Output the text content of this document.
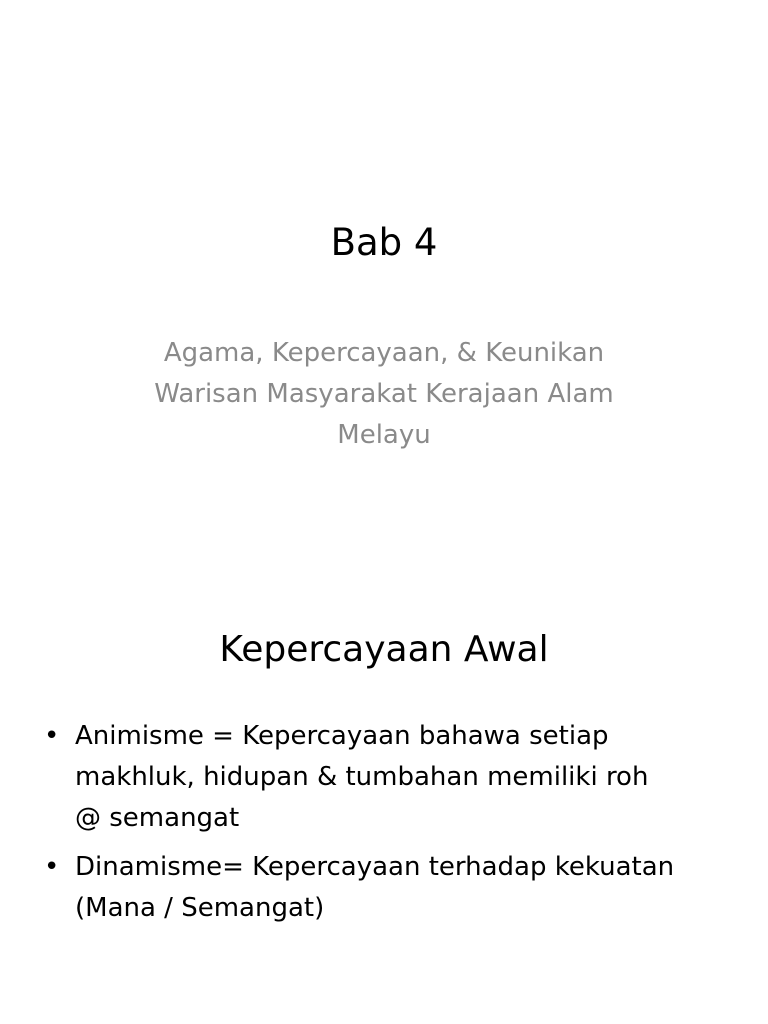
Bab 4
Agama, Kepercayaan, & Keunikan
Warisan Masyarakat Kerajaan Alam
Melayu
Kepercayaan Awal
• Animisme = Kepercayaan bahawa setiap
makhluk, hidupan & tumbahan memiliki roh
@ semangat
• Dinamisme= Kepercayaan terhadap kekuatan
(Mana / Semangat)
